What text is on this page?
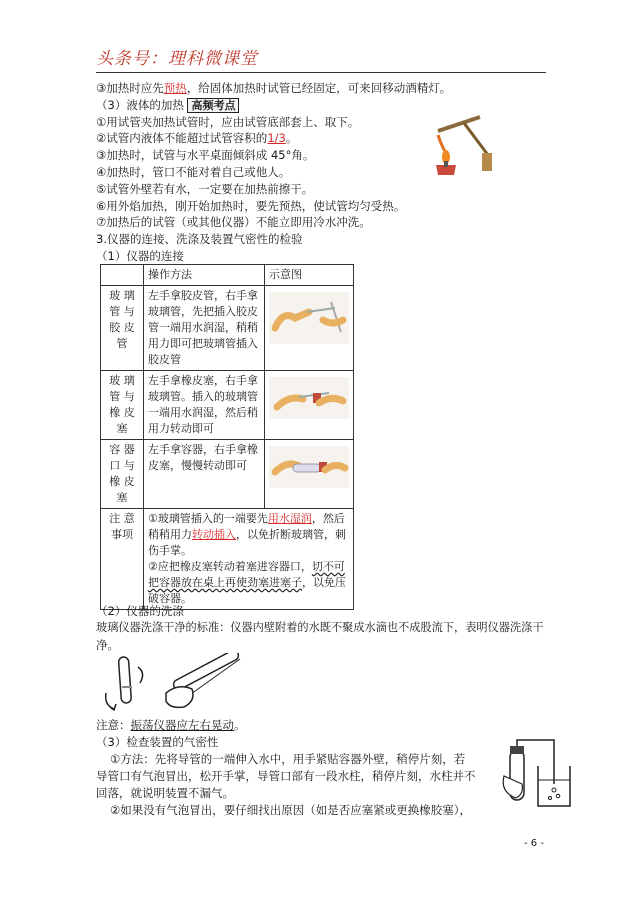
头条号：理科微课堂
③加热时应先预热，给固体加热时试管已经固定，可来回移动酒精灯。
（3）液体的加热 高频考点
①用试管夹加热试管时，应由试管底部套上、取下。
②试管内液体不能超过试管容积的1/3。
③加热时，试管与水平桌面倾斜成 45°角。
④加热时，管口不能对着自己或他人。
⑤试管外壁若有水，一定要在加热前擦干。
⑥用外焰加热，刚开始加热时，要先预热，使试管均匀受热。
⑦加热后的试管（或其他仪器）不能立即用冷水冲洗。
3.仪器的连接、洗涤及装置气密性的检验
（1）仪器的连接
	操作方法	示意图
玻 璃
管 与
胶 皮
管	左手拿胶皮管，右手拿玻璃管，先把插入胶皮管一端用水润湿，稍稍用力即可把玻璃管插入胶皮管	
玻 璃
管 与
橡 皮
塞	左手拿橡皮塞，右手拿玻璃管。插入的玻璃管一端用水润湿，然后稍用力转动即可	
容 器
口 与
橡 皮
塞	左手拿容器，右手拿橡皮塞，慢慢转动即可	
注 意 事项	①玻璃管插入的一端要先用水湿润，然后稍稍用力转动插入，以免折断玻璃管，刺伤手掌。
②应把橡皮塞转动着塞进容器口，切不可把容器放在桌上再使劲塞进塞子，以免压破容器。	
（2）仪器的洗涤
玻璃仪器洗涤干净的标准：仪器内壁附着的水既不聚成水滴也不成股流下，表明仪器洗涤干
净。
注意：振荡仪器应左右晃动。
（3）检查装置的气密性
①方法：先将导管的一端伸入水中，用手紧贴容器外壁，稍停片刻，若
导管口有气泡冒出，松开手掌，导管口部有一段水柱，稍停片刻，水柱并不
回落，就说明装置不漏气。
②如果没有气泡冒出，要仔细找出原因（如是否应塞紧或更换橡胶塞），
- 6 -
